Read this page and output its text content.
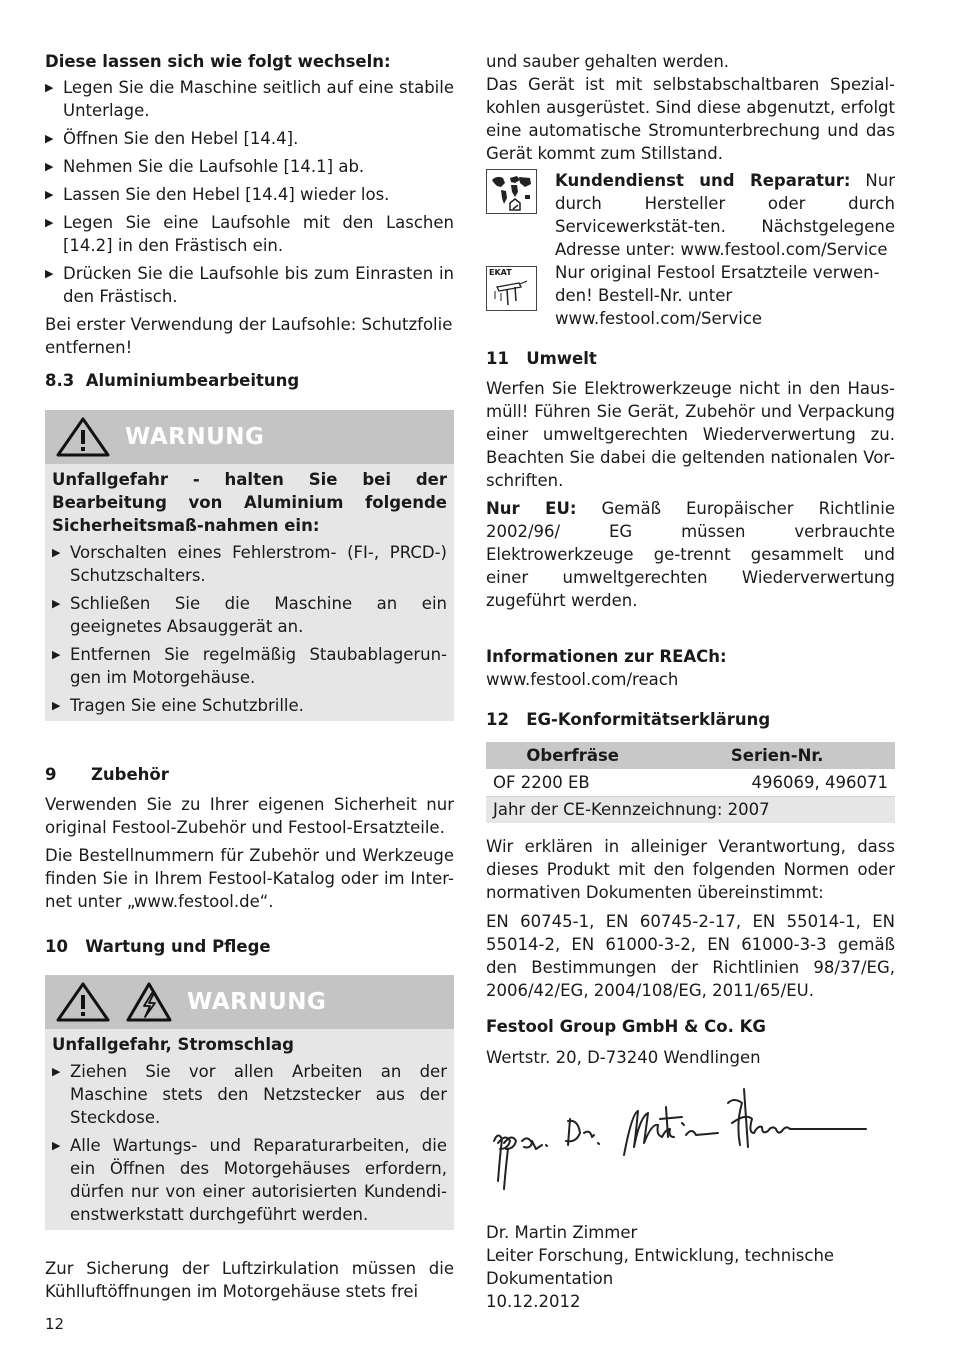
Diese lassen sich wie folgt wechseln:
▶ Legen Sie die Maschine seitlich auf eine stabile Unterlage.
▶ Öffnen Sie den Hebel [14.4].
▶ Nehmen Sie die Laufsohle [14.1] ab.
▶ Lassen Sie den Hebel [14.4] wieder los.
▶ Legen Sie eine Laufsohle mit den Laschen [14.2] in den Frästisch ein.
▶ Drücken Sie die Laufsohle bis zum Einrasten in den Frästisch.

Bei erster Verwendung der Laufsohle: Schutzfolie entfernen!

8.3  Aluminiumbearbeitung
WARNUNG

Unfallgefahr - halten Sie bei der Bearbeitung von Aluminium folgende Sicherheitsmaß-nahmen ein:

▶ Vorschalten eines Fehlerstrom- (FI-, PRCD-) Schutzschalters.
▶ Schließen Sie die Maschine an ein geeignetes Absauggerät an.
▶ Entfernen Sie regelmäßig Staubablagerun-gen im Motorgehäuse.
▶ Tragen Sie eine Schutzbrille.
9      Zubehör

Verwenden Sie zu Ihrer eigenen Sicherheit nur original Festool-Zubehör und Festool-Ersatzteile.

Die Bestellnummern für Zubehör und Werkzeuge finden Sie in Ihrem Festool-Katalog oder im Inter-net unter „www.festool.de“.

10   Wartung und Pflege
WARNUNG

Unfallgefahr, Stromschlag

▶ Ziehen Sie vor allen Arbeiten an der Maschine stets den Netzstecker aus der Steckdose.
▶ Alle Wartungs- und Reparaturarbeiten, die ein Öffnen des Motorgehäuses erfordern, dürfen nur von einer autorisierten Kundendi-enstwerkstatt durchgeführt werden.

Zur Sicherung der Luftzirkulation müssen die Kühlluftöffnungen im Motorgehäuse stets frei

und sauber gehalten werden.

Das Gerät ist mit selbstabschaltbaren Spezial-kohlen ausgerüstet. Sind diese abgenutzt, erfolgt eine automatische Stromunterbrechung und das Gerät kommt zum Stillstand.

Kundendienst und Reparatur: Nur durch Hersteller oder durch Servicewerkstät-ten. Nächstgelegene Adresse unter: www.festool.com/Service

EKAT	Nur original Festool Ersatzteile verwen-den! Bestell-Nr. unter www.festool.com/Service

11   Umwelt

Werfen Sie Elektrowerkzeuge nicht in den Haus-müll! Führen Sie Gerät, Zubehör und Verpackung einer umweltgerechten Wiederverwertung zu. Beachten Sie dabei die geltenden nationalen Vor-schriften.

Nur EU: Gemäß Europäischer Richtlinie 2002/96/ EG müssen verbrauchte Elektrowerkzeuge ge-trennt gesammelt und einer umweltgerechten Wiederverwertung zugeführt werden.

Informationen zur REACh:

www.festool.com/reach

12   EG-Konformitätserklärung
Oberfräse	Serien-Nr.
OF 2200 EB	496069, 496071
Jahr der CE-Kennzeichnung: 2007	

Wir erklären in alleiniger Verantwortung, dass dieses Produkt mit den folgenden Normen oder normativen Dokumenten übereinstimmt:

EN 60745-1, EN 60745-2-17, EN 55014-1, EN 55014-2, EN 61000-3-2, EN 61000-3-3 gemäß den Bestimmungen der Richtlinien 98/37/EG, 2006/42/EG, 2004/108/EG, 2011/65/EU.

Festool Group GmbH & Co. KG

Wertstr. 20, D-73240 Wendlingen

Dr. Martin Zimmer

Leiter Forschung, Entwicklung, technische

Dokumentation

10.12.2012

12
